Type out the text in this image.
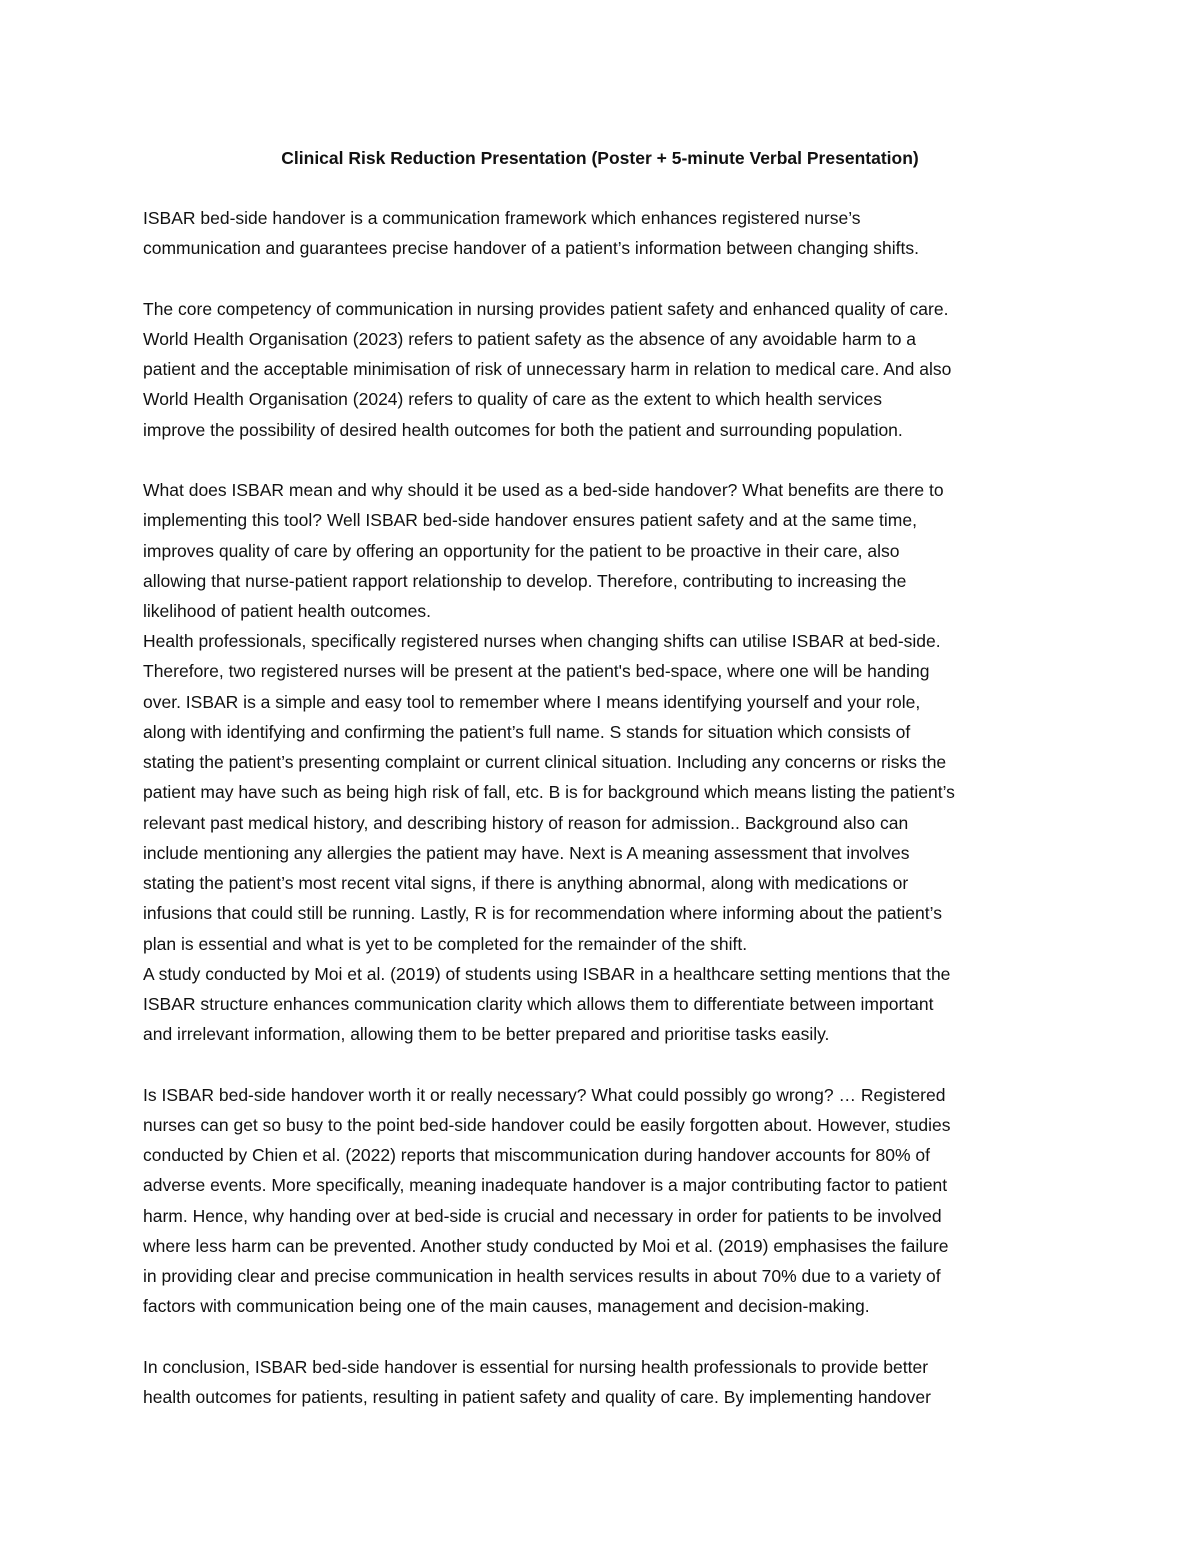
Clinical Risk Reduction Presentation (Poster + 5-minute Verbal Presentation)
ISBAR bed-side handover is a communication framework which enhances registered nurse’s
communication and guarantees precise handover of a patient’s information between changing shifts.
The core competency of communication in nursing provides patient safety and enhanced quality of care.
World Health Organisation (2023) refers to patient safety as the absence of any avoidable harm to a
patient and the acceptable minimisation of risk of unnecessary harm in relation to medical care. And also
World Health Organisation (2024) refers to quality of care as the extent to which health services
improve the possibility of desired health outcomes for both the patient and surrounding population.
What does ISBAR mean and why should it be used as a bed-side handover? What benefits are there to
implementing this tool? Well ISBAR bed-side handover ensures patient safety and at the same time,
improves quality of care by offering an opportunity for the patient to be proactive in their care, also
allowing that nurse-patient rapport relationship to develop. Therefore, contributing to increasing the
likelihood of patient health outcomes.
Health professionals, specifically registered nurses when changing shifts can utilise ISBAR at bed-side.
Therefore, two registered nurses will be present at the patient's bed-space, where one will be handing
over. ISBAR is a simple and easy tool to remember where I means identifying yourself and your role,
along with identifying and confirming the patient’s full name. S stands for situation which consists of
stating the patient’s presenting complaint or current clinical situation. Including any concerns or risks the
patient may have such as being high risk of fall, etc. B is for background which means listing the patient’s
relevant past medical history, and describing history of reason for admission.. Background also can
include mentioning any allergies the patient may have. Next is A meaning assessment that involves
stating the patient’s most recent vital signs, if there is anything abnormal, along with medications or
infusions that could still be running. Lastly, R is for recommendation where informing about the patient’s
plan is essential and what is yet to be completed for the remainder of the shift.
A study conducted by Moi et al. (2019) of students using ISBAR in a healthcare setting mentions that the
ISBAR structure enhances communication clarity which allows them to differentiate between important
and irrelevant information, allowing them to be better prepared and prioritise tasks easily.
Is ISBAR bed-side handover worth it or really necessary? What could possibly go wrong? … Registered
nurses can get so busy to the point bed-side handover could be easily forgotten about. However, studies
conducted by Chien et al. (2022) reports that miscommunication during handover accounts for 80% of
adverse events. More specifically, meaning inadequate handover is a major contributing factor to patient
harm. Hence, why handing over at bed-side is crucial and necessary in order for patients to be involved
where less harm can be prevented. Another study conducted by Moi et al. (2019) emphasises the failure
in providing clear and precise communication in health services results in about 70% due to a variety of
factors with communication being one of the main causes, management and decision-making.
In conclusion, ISBAR bed-side handover is essential for nursing health professionals to provide better
health outcomes for patients, resulting in patient safety and quality of care. By implementing handover
